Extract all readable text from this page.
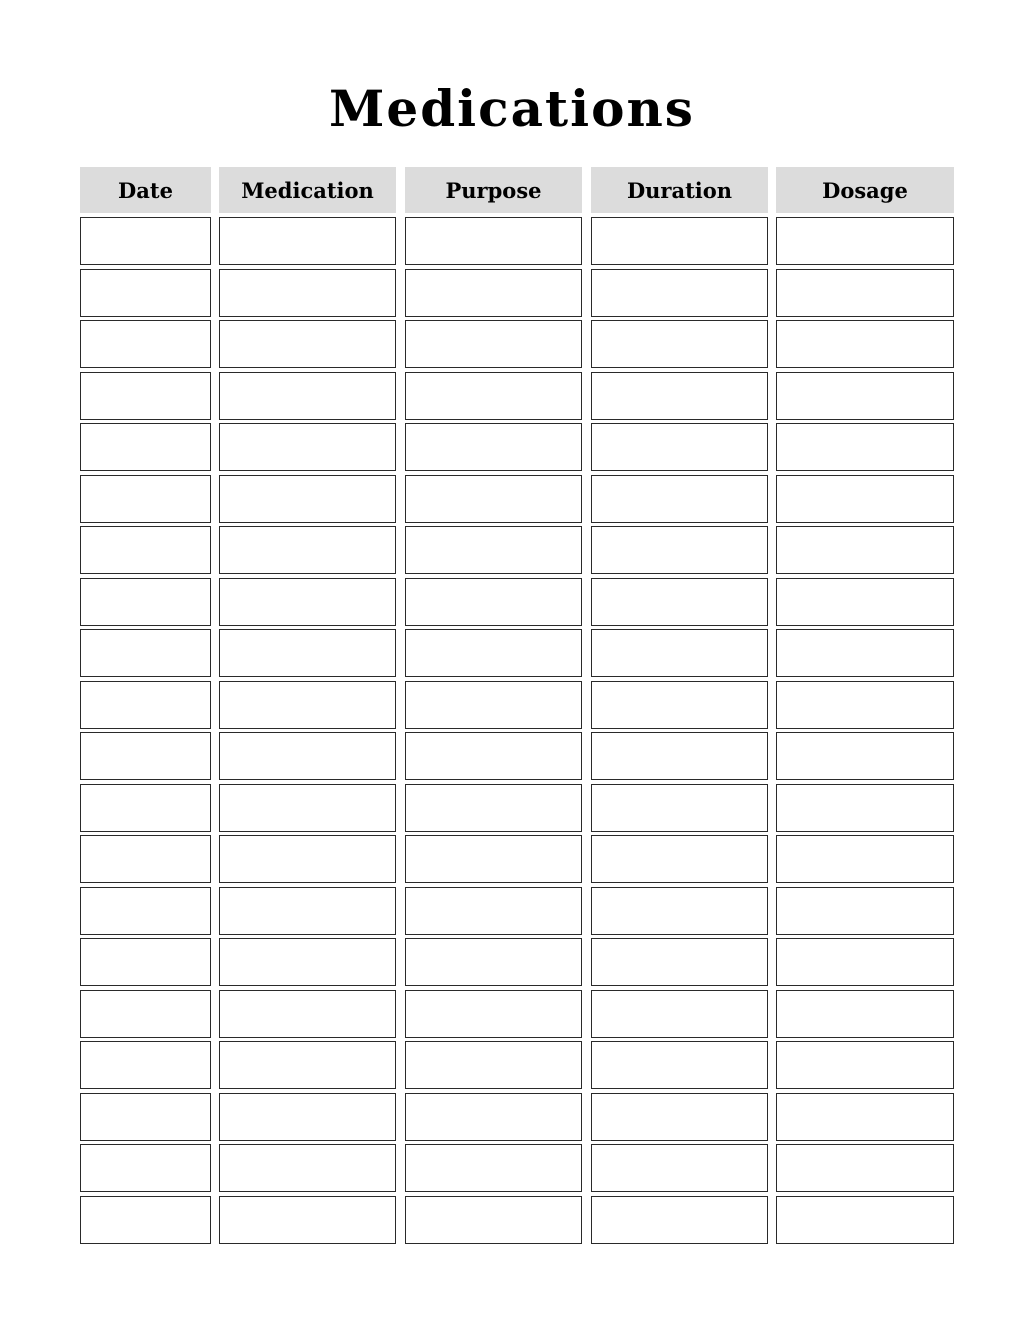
Medications
Date	Medication	Purpose	Duration	Dosage
